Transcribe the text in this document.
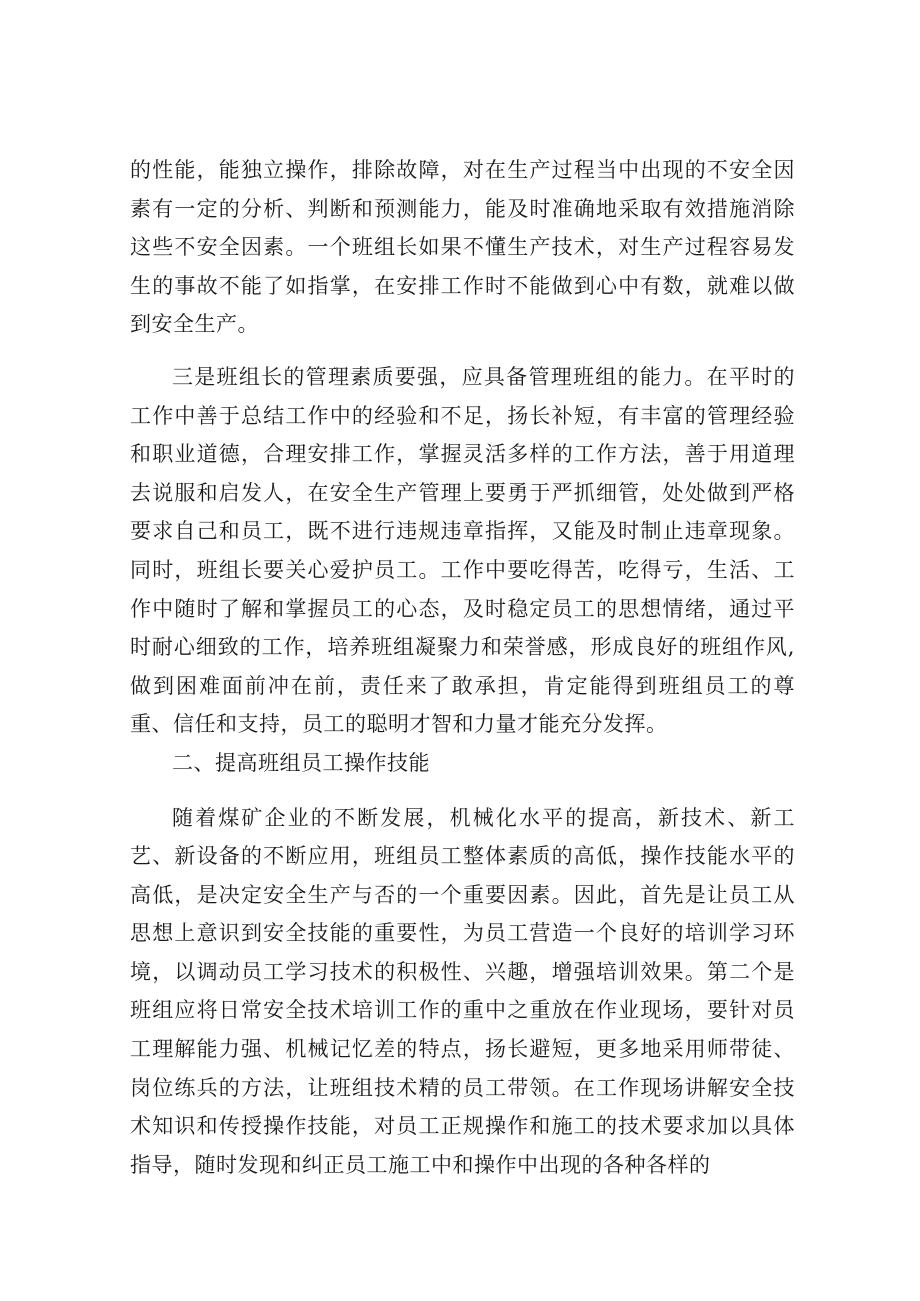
的性能，能独立操作，排除故障，对在生产过程当中出现的不安全因素有一定的分析、判断和预测能力，能及时准确地采取有效措施消除这些不安全因素。一个班组长如果不懂生产技术，对生产过程容易发生的事故不能了如指掌，在安排工作时不能做到心中有数，就难以做到安全生产。

三是班组长的管理素质要强，应具备管理班组的能力。在平时的工作中善于总结工作中的经验和不足，扬长补短，有丰富的管理经验和职业道德，合理安排工作，掌握灵活多样的工作方法，善于用道理去说服和启发人，在安全生产管理上要勇于严抓细管，处处做到严格要求自己和员工，既不进行违规违章指挥，又能及时制止违章现象。同时，班组长要关心爱护员工。工作中要吃得苦，吃得亏，生活、工作中随时了解和掌握员工的心态，及时稳定员工的思想情绪，通过平时耐心细致的工作，培养班组凝聚力和荣誉感，形成良好的班组作风,做到困难面前冲在前，责任来了敢承担，肯定能得到班组员工的尊重、信任和支持，员工的聪明才智和力量才能充分发挥。

二、提高班组员工操作技能

随着煤矿企业的不断发展，机械化水平的提高，新技术、新工艺、新设备的不断应用，班组员工整体素质的高低，操作技能水平的高低，是决定安全生产与否的一个重要因素。因此，首先是让员工从思想上意识到安全技能的重要性，为员工营造一个良好的培训学习环境，以调动员工学习技术的积极性、兴趣，增强培训效果。第二个是班组应将日常安全技术培训工作的重中之重放在作业现场，要针对员工理解能力强、机械记忆差的特点，扬长避短，更多地采用师带徒、岗位练兵的方法，让班组技术精的员工带领。在工作现场讲解安全技术知识和传授操作技能，对员工正规操作和施工的技术要求加以具体指导，随时发现和纠正员工施工中和操作中出现的各种各样的
